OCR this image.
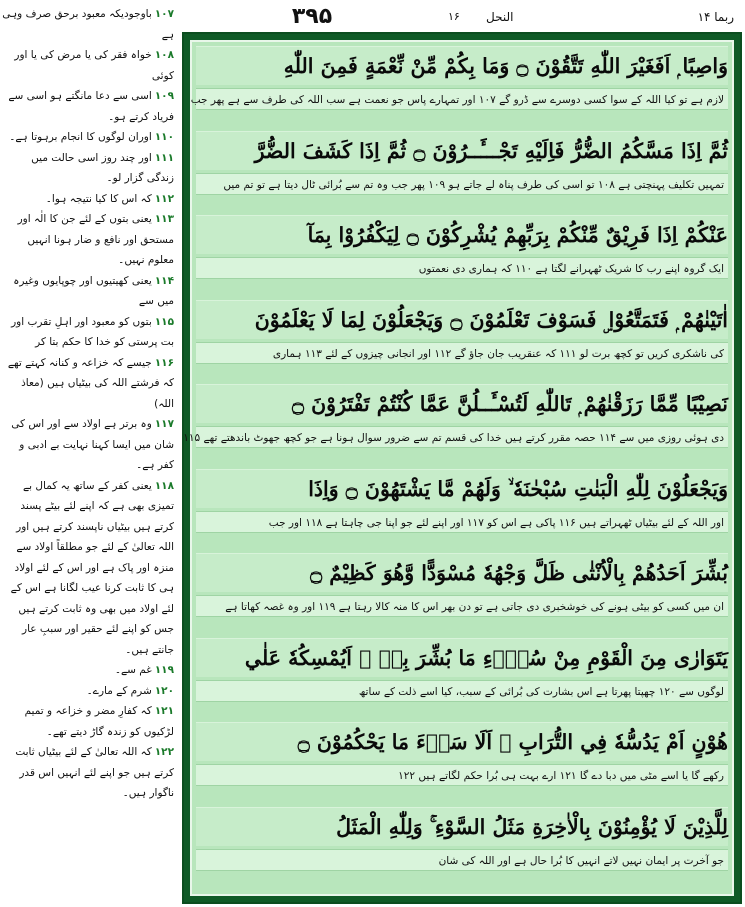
۱۰۷باوجودیکہ معبود برحق صرف وہی ہے

۱۰۸خواہ فقر کی یا مرض کی یا اور کوئی

۱۰۹اسی سے دعا مانگتے ہو اسی سے فریاد کرتے ہو۔

۱۱۰اوران لوگوں کا انجام برہوتا ہے۔

۱۱۱اور چند روز اسی حالت میں زندگی گزار لو۔

۱۱۲کہ اس کا کیا نتیجہ ہوا۔

۱۱۳یعنی بتوں کے لئے جن کا الٰہ اور مستحق اور نافع و ضار ہونا انہیں معلوم نہیں۔

۱۱۴یعنی کھیتیوں اور چوپایوں وغیرہ میں سے

۱۱۵بتوں کو معبود اور اہلِ تقرب اور بت پرستی کو خدا کا حکم بتا کر

۱۱۶جیسے کہ خزاعہ و کنانہ کہتے تھے کہ فرشتے اللہ کی بیٹیاں ہیں (معاذ اللہ)

۱۱۷وہ برتر ہے اولاد سے اور اس کی شان میں ایسا کہنا نہایت بے ادبی و کفر ہے۔

۱۱۸یعنی کفر کے ساتھ یہ کمال بے تمیزی بھی ہے کہ اپنے لئے بیٹے پسند کرتے ہیں بیٹیاں ناپسند کرتے ہیں اور اللہ تعالیٰ کے لئے جو مطلقاً اولاد سے منزہ اور پاک ہے اور اس کے لئے اولاد ہی کا ثابت کرنا عیب لگانا ہے اس کے لئے اولاد میں بھی وہ ثابت کرتے ہیں جس کو اپنے لئے حقیر اور سببِ عار جانتے ہیں۔

۱۱۹غم سے۔

۱۲۰شرم کے مارے۔

۱۲۱کہ کفارِ مضر و خزاعہ و تمیم لڑکیوں کو زندہ گاڑ دیتے تھے۔

۱۲۲کہ اللہ تعالیٰ کے لئے بیٹیاں ثابت کرتے ہیں جو اپنے لئے انہیں اس قدر ناگوار ہیں۔

ربما ۱۴
۳۹۵	النحل
۱۶
وَاصِبًا ۭ اَفَغَيْرَ اللّٰهِ تَتَّقُوْنَ ۝ وَمَا بِكُمْ مِّنْ نِّعْمَةٍ فَمِنَ اللّٰهِ
لازم ہے تو کیا اللہ کے سوا کسی دوسرے سے ڈرو گے ۱۰۷ اور تمہارے پاس جو نعمت ہے سب اللہ کی طرف سے ہے پھر جب
ثُمَّ اِذَا مَسَّكُمُ الضُّرُّ فَاِلَيْهِ تَجْـــَٔــرُوْنَ ۝ ثُمَّ اِذَا كَشَفَ الضُّرَّ
تمہیں تکلیف پہنچتی ہے ۱۰۸ تو اسی کی طرف پناہ لے جاتے ہو ۱۰۹ پھر جب وہ تم سے بُرائی ٹال دیتا ہے تو تم میں
عَنْكُمْ اِذَا فَرِيْقٌ مِّنْكُمْ بِرَبِّهِمْ يُشْرِكُوْنَ ۝ لِيَكْفُرُوْا بِمَآ
ایک گروہ اپنے رب کا شریک ٹھہرانے لگتا ہے ۱۱۰ کہ ہماری دی نعمتوں
اٰتَيْنٰهُمْ ۭ فَتَمَتَّعُوْا ۣ فَسَوْفَ تَعْلَمُوْنَ ۝ وَيَجْعَلُوْنَ لِمَا لَا يَعْلَمُوْنَ
کی ناشکری کریں تو کچھ برت لو ۱۱۱ کہ عنقریب جان جاؤ گے ۱۱۲ اور انجانی چیزوں کے لئے ۱۱۳ ہماری
نَصِيْبًا مِّمَّا رَزَقْنٰهُمْ ۭ تَاللّٰهِ لَتُسْـَٔــلُنَّ عَمَّا كُنْتُمْ تَفْتَرُوْنَ ۝
دی ہوئی روزی میں سے ۱۱۴ حصہ مقرر کرتے ہیں خدا کی قسم تم سے ضرور سوال ہونا ہے جو کچھ جھوٹ باندھتے تھے ۱۱۵
وَيَجْعَلُوْنَ لِلّٰهِ الْبَنٰتِ سُبْحٰنَهٗ ۙ وَلَهُمْ مَّا يَشْتَهُوْنَ ۝ وَاِذَا
اور اللہ کے لئے بیٹیاں ٹھہراتے ہیں ۱۱۶ پاکی ہے اس کو ۱۱۷ اور اپنے لئے جو اپنا جی چاہتا ہے ۱۱۸ اور جب
بُشِّرَ اَحَدُهُمْ بِالْاُنْثٰى ظَلَّ وَجْهُهٗ مُسْوَدًّا وَّهُوَ كَظِيْمٌ ۝
ان میں کسی کو بیٹی ہونے کی خوشخبری دی جاتی ہے تو دن بھر اس کا منہ کالا رہتا ہے ۱۱۹ اور وہ غصہ کھاتا ہے
يَتَوَارٰى مِنَ الْقَوْمِ مِنْ سُوْۗءِ مَا بُشِّرَ بِهٖ ۭ اَيُمْسِكُهٗ عَلٰي
لوگوں سے ۱۲۰ چھپتا پھرتا ہے اس بشارت کی بُرائی کے سبب، کیا اسے ذلت کے ساتھ
هُوْنٍ اَمْ يَدُسُّهٗ فِي التُّرَابِ ۭ اَلَا سَاۗءَ مَا يَحْكُمُوْنَ ۝
رکھے گا یا اسے مٹی میں دبا دے گا ۱۲۱ ارے بہت ہی بُرا حکم لگاتے ہیں ۱۲۲
لِلَّذِيْنَ لَا يُؤْمِنُوْنَ بِالْاٰخِرَةِ مَثَلُ السَّوْءِ ۚ وَلِلّٰهِ الْمَثَلُ
جو آخرت پر ایمان نہیں لاتے انہیں کا بُرا حال ہے اور اللہ کی شان
